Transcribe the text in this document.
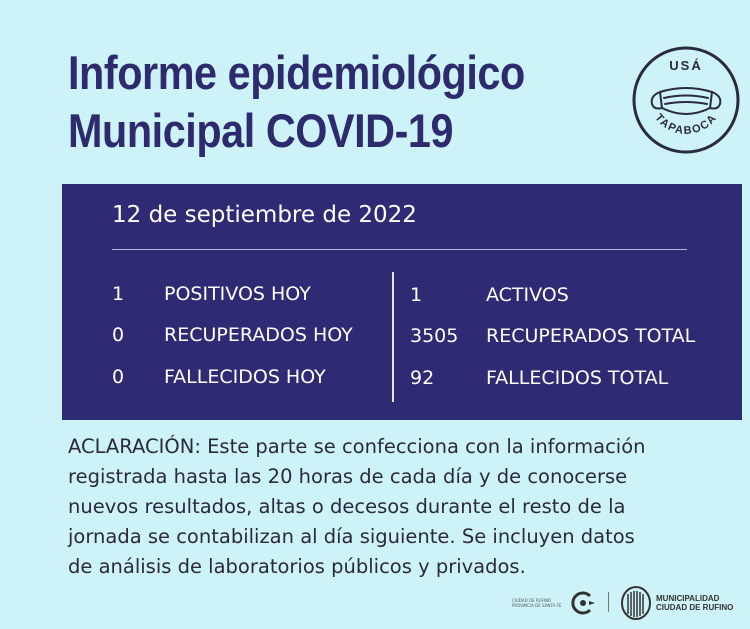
Informe epidemiológico
Municipal COVID-19
USÁ
TAPABOCA
12 de septiembre de 2022
1 POSITIVOS HOY
0 RECUPERADOS HOY
0 FALLECIDOS HOY
1	ACTIVOS
3505 RECUPERADOS TOTAL
92	FALLECIDOS TOTAL
ACLARACIÓN: Este parte se confecciona con la información
registrada hasta las 20 horas de cada día y de conocerse
nuevos resultados, altas o decesos durante el resto de la
jornada se contabilizan al día siguiente. Se incluyen datos
de análisis de laboratorios públicos y privados.
CIUDAD DE RUFINO
PROVINCIA DE SANTA FE
MUNICIPALIDAD
CIUDAD DE RUFINO
